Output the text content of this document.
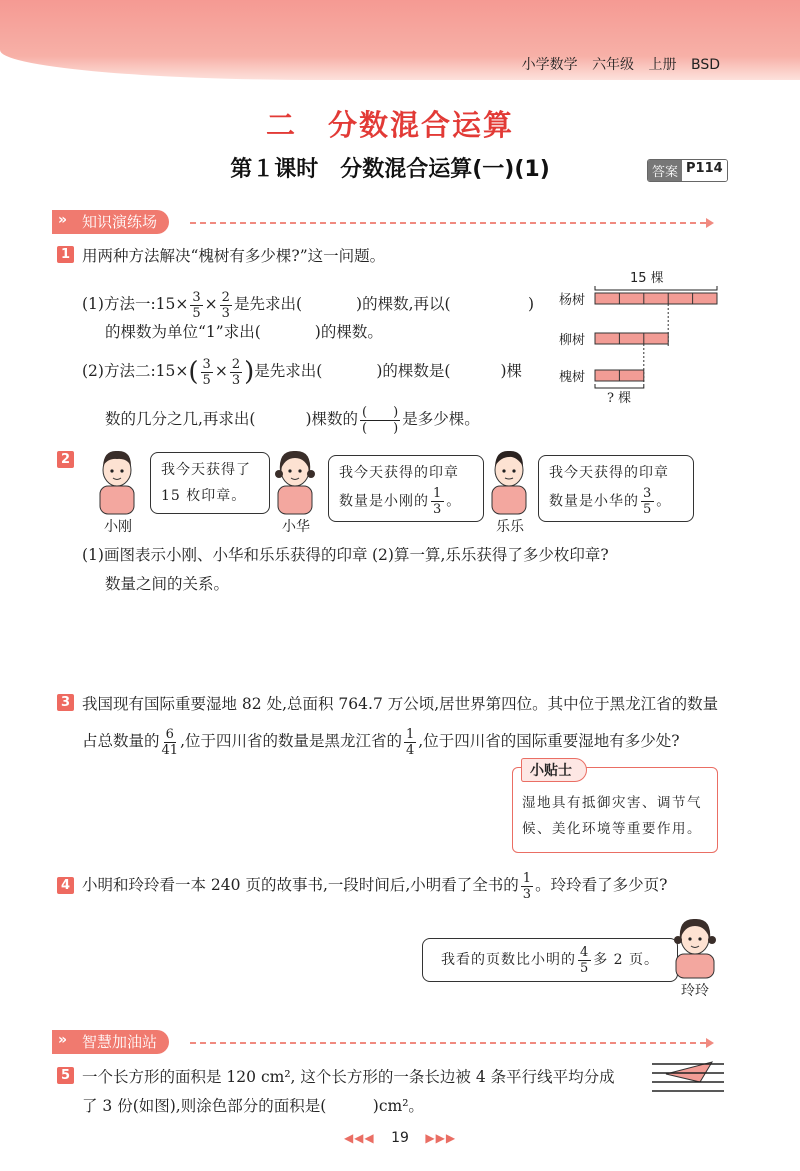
小学数学 六年级 上册 BSD
二　分数混合运算
第１课时　分数混合运算(一)(1)	答案 P114
» 知识演练场
1 用两种方法解决“槐树有多少棵?”这一问题。
(1)方法一:15× $\frac{3}{5} \times \frac{2}{3}$ 是先求出(	)的棵数,再以(	)
的棵数为单位“1”求出(	)的棵数。
(2)方法二:15×( $\frac{3}{5} \times \frac{2}{3}$ )是先求出(	)的棵数是(	)棵
数的几分之几,再求出(	)棵数的 $\frac{( )}{( )}$ 是多少棵。
15 棵
杨树
柳树
槐树
? 棵
2
小刚
我今天获得了
15 枚印章。
小华
我今天获得的印章
数量是小刚的 $\frac{1}{3}$ 。
乐乐
我今天获得的印章
数量是小华的 $\frac{3}{5}$ 。
(1)画图表示小刚、小华和乐乐获得的印章
数量之间的关系。
(2)算一算,乐乐获得了多少枚印章?
3 我国现有国际重要湿地 82 处,总面积 764.7 万公顷,居世界第四位。其中位于黑龙江省的数量
占总数量的 $\frac{6}{41}$ ,位于四川省的数量是黑龙江省的 $\frac{1}{4}$ ,位于四川省的国际重要湿地有多少处?
小贴士
湿地具有抵御灾害、调节气
候、美化环境等重要作用。
4 小明和玲玲看一本 240 页的故事书,一段时间后,小明看了全书的 $\frac{1}{3}$ 。玲玲看了多少页?
我看的页数比小明的 $\frac{4}{5}$ 多 2 页。
玲玲
» 智慧加油站
5 一个长方形的面积是 120 cm², 这个长方形的一条长边被 4 条平行线平均分成
了 3 份(如图),则涂色部分的面积是(　　　)cm²。
◀◀◀ 19 ▶▶▶
